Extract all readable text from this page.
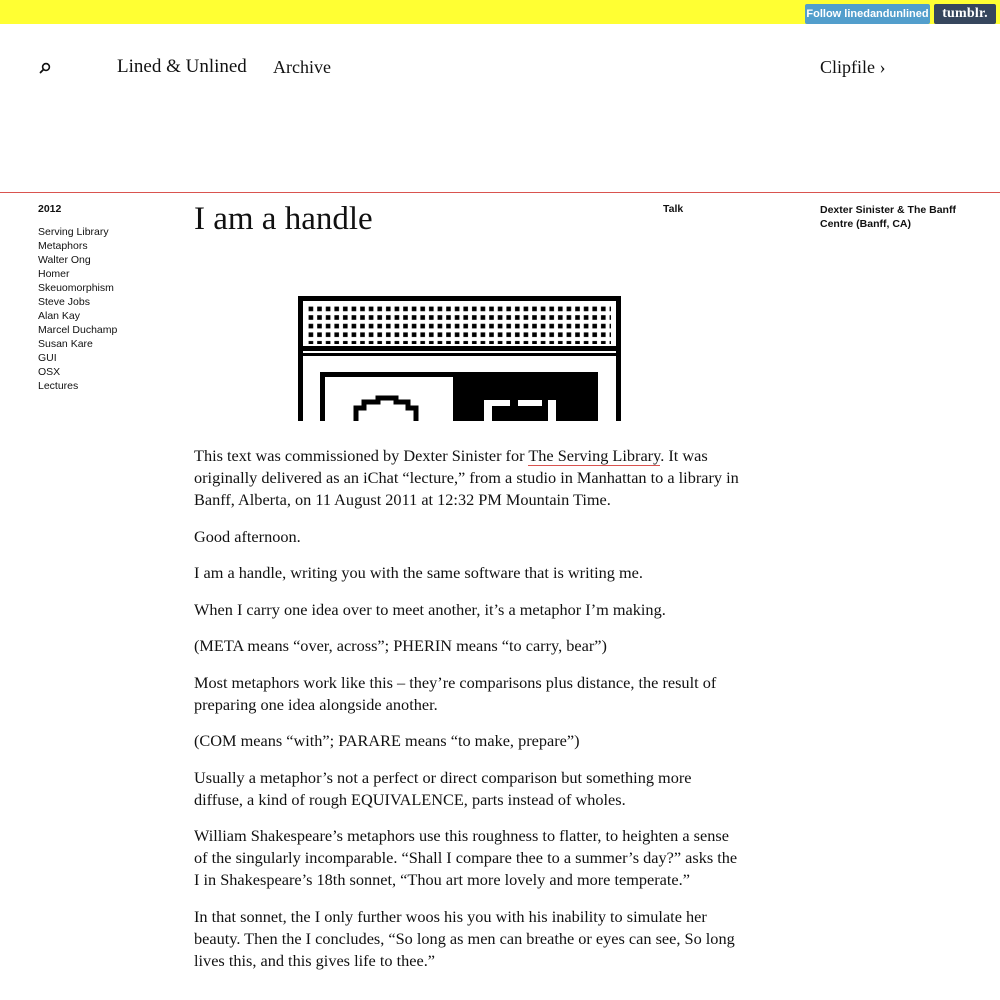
Follow linedandunlined tumblr.
Lined & Unlined Archive	Clipfile ›
2012
Serving Library
Metaphors
Walter Ong
Homer
Skeuomorphism
Steve Jobs
Alan Kay
Marcel Duchamp
Susan Kare
GUI
OSX
Lectures
I am a handle	Talk	Dexter Sinister & The Banff Centre (Banff, CA)

This text was commissioned by Dexter Sinister for The Serving Library. It was originally delivered as an iChat “lecture,” from a studio in Manhattan to a library in Banff, Alberta, on 11 August 2011 at 12:32 PM Mountain Time.

Good afternoon.

I am a handle, writing you with the same software that is writing me.

When I carry one idea over to meet another, it’s a metaphor I’m making.

(META means “over, across”; PHERIN means “to carry, bear”)

Most metaphors work like this – they’re comparisons plus distance, the result of preparing one idea alongside another.

(COM means “with”; PARARE means “to make, prepare”)

Usually a metaphor’s not a perfect or direct comparison but something more diffuse, a kind of rough EQUIVALENCE, parts instead of wholes.

William Shakespeare’s metaphors use this roughness to flatter, to heighten a sense of the singularly incomparable. “Shall I compare thee to a summer’s day?” asks the I in Shakespeare’s 18th sonnet, “Thou art more lovely and more temperate.”

In that sonnet, the I only further woos his you with his inability to simulate her beauty. Then the I concludes, “So long as men can breathe or eyes can see, So long lives this, and this gives life to thee.”
